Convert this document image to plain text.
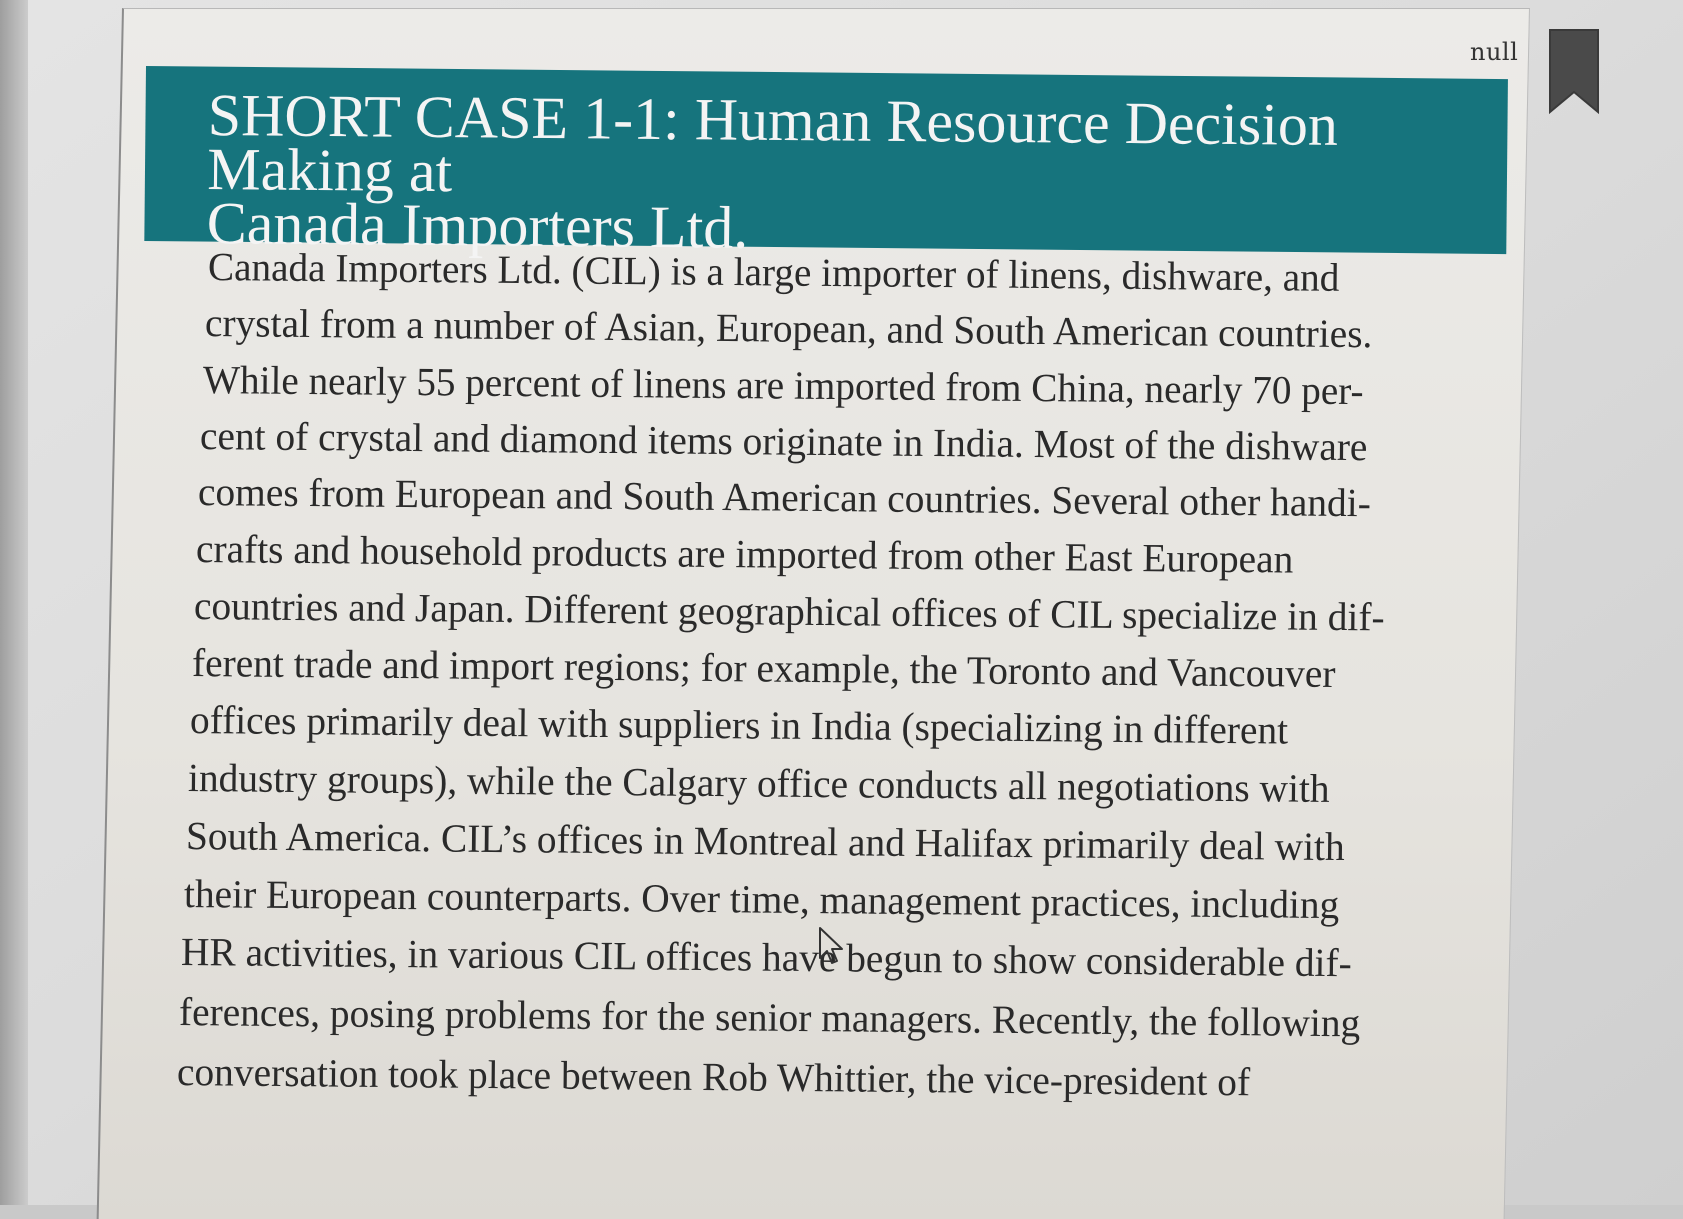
null
SHORT CASE 1-1: Human Resource Decision Making at
Canada Importers Ltd.

Canada Importers Ltd. (CIL) is a large importer of linens, dishware, and

crystal from a number of Asian, European, and South American countries.

While nearly 55 percent of linens are imported from China, nearly 70 per-

cent of crystal and diamond items originate in India. Most of the dishware

comes from European and South American countries. Several other handi-

crafts and household products are imported from other East European

countries and Japan. Different geographical offices of CIL specialize in dif-

ferent trade and import regions; for example, the Toronto and Vancouver

offices primarily deal with suppliers in India (specializing in different

industry groups), while the Calgary office conducts all negotiations with

South America. CIL’s offices in Montreal and Halifax primarily deal with

their European counterparts. Over time, management practices, including

HR activities, in various CIL offices have begun to show considerable dif-

ferences, posing problems for the senior managers. Recently, the following

conversation took place between Rob Whittier, the vice-president of
